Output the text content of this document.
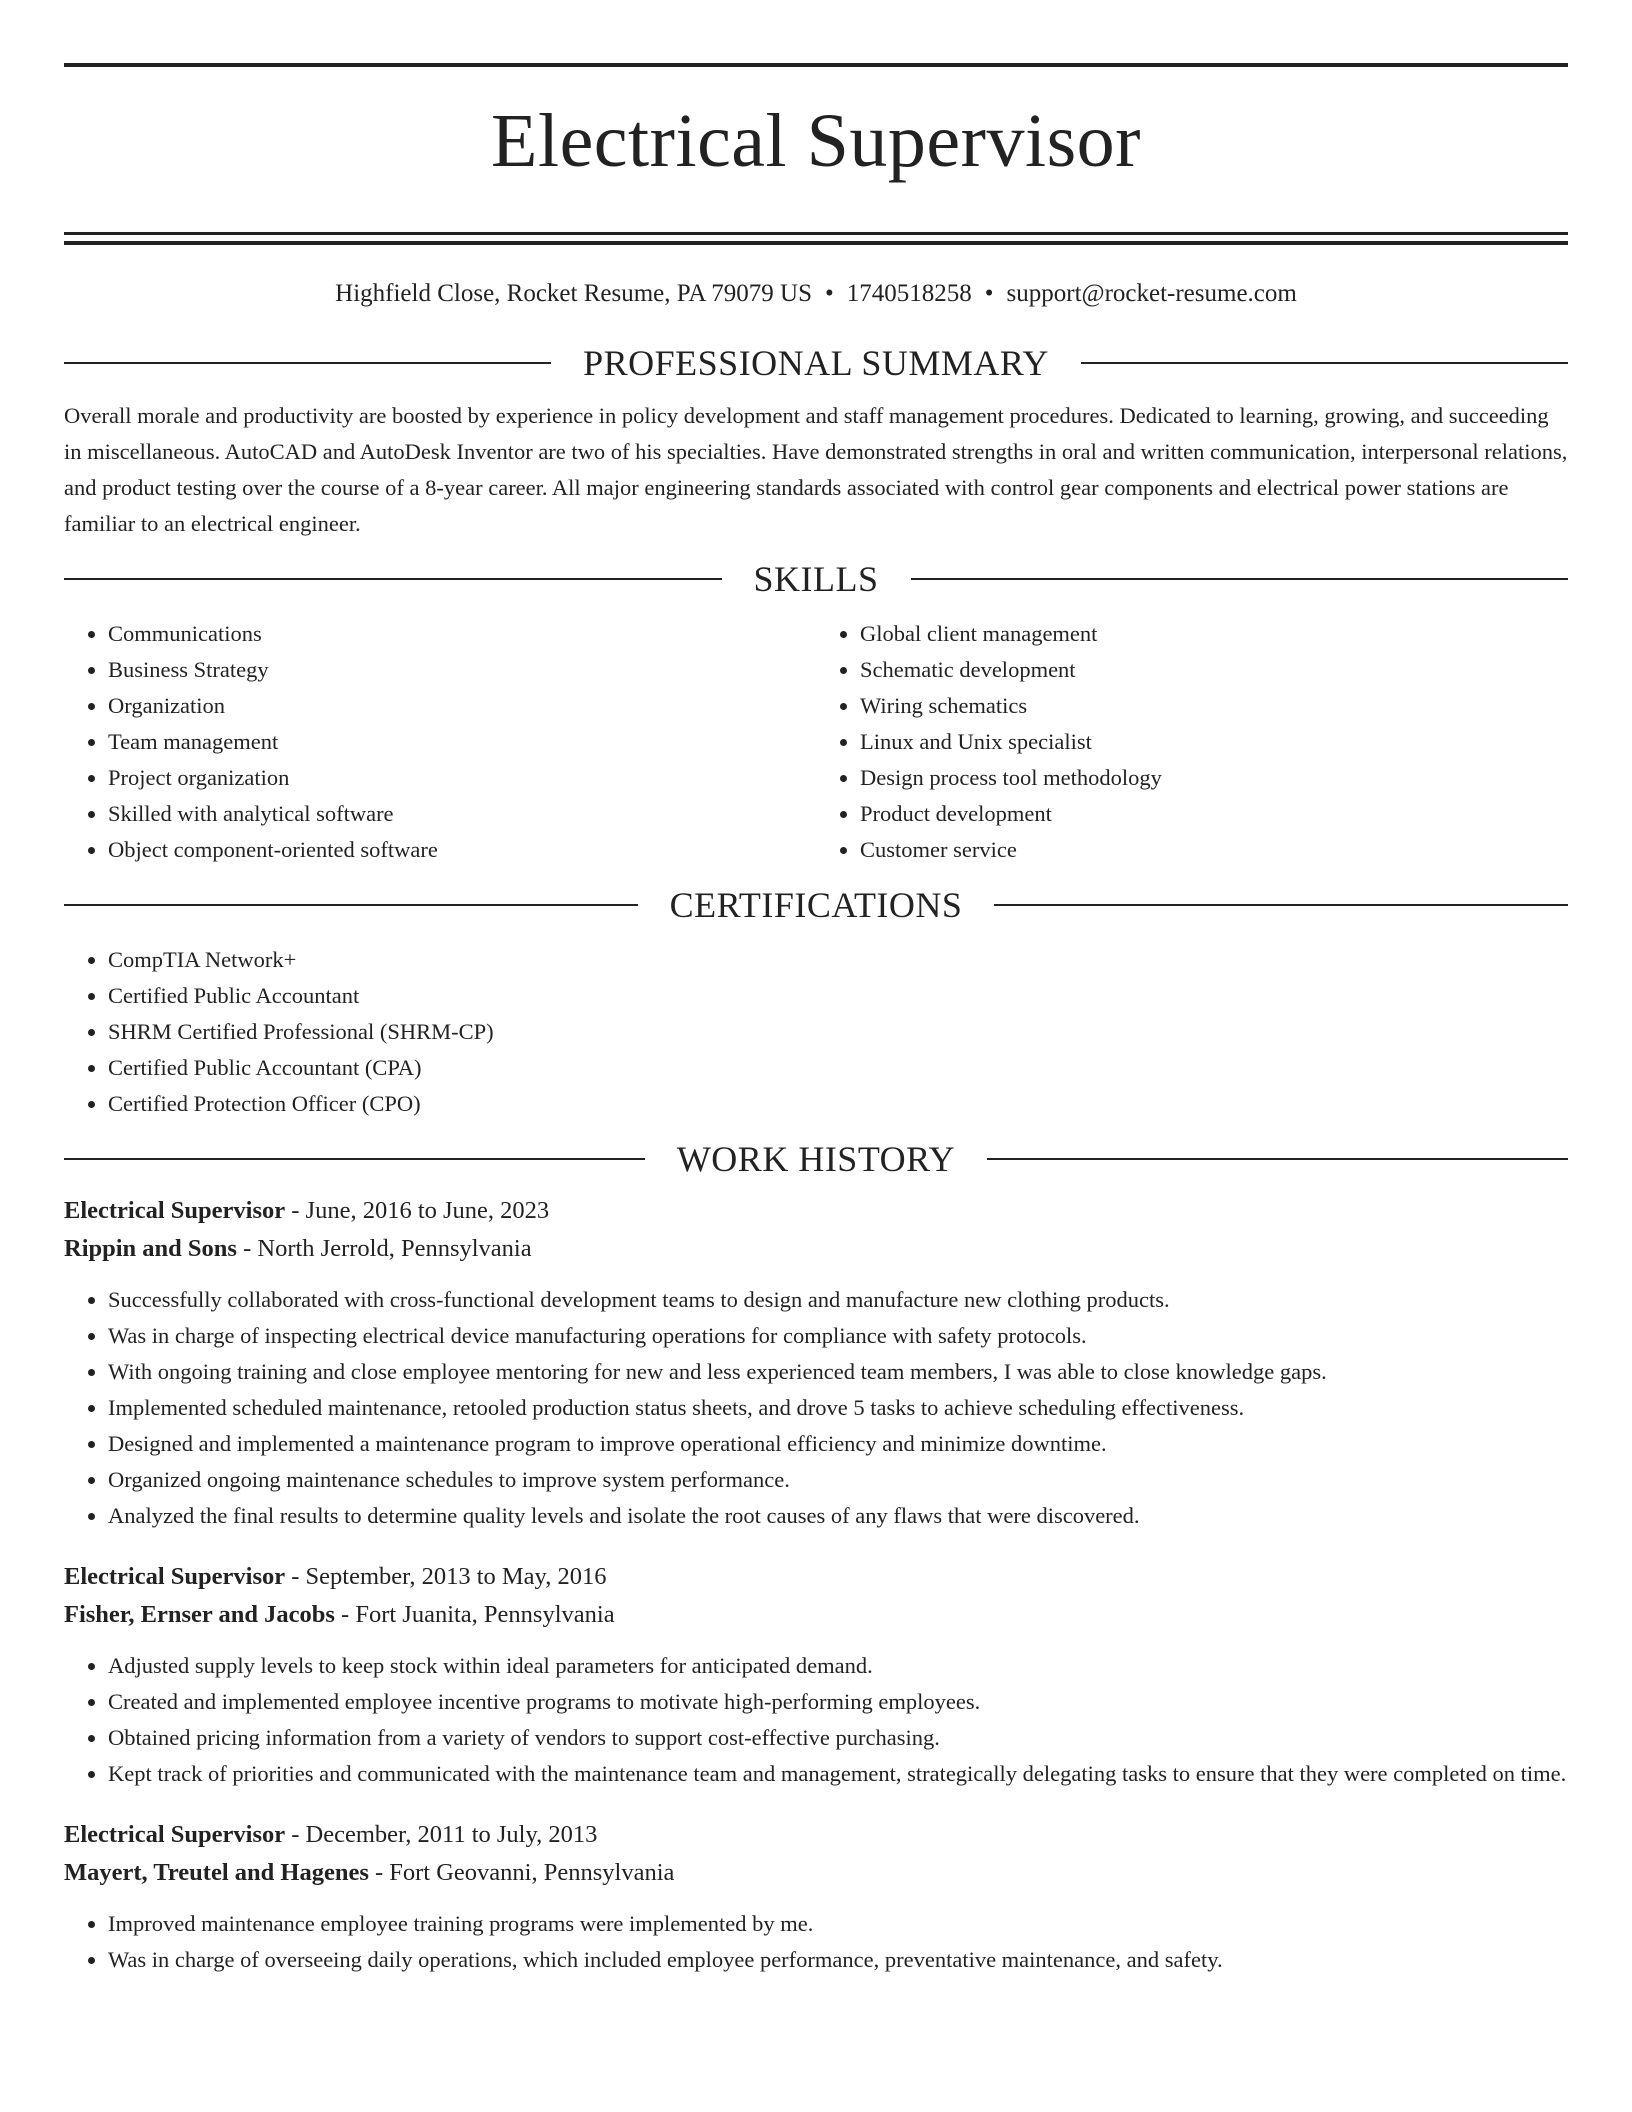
Electrical Supervisor
Highfield Close, Rocket Resume, PA 79079 US • 1740518258 • support@rocket-resume.com
PROFESSIONAL SUMMARY

Overall morale and productivity are boosted by experience in policy development and staff management procedures. Dedicated to learning, growing, and succeeding in miscellaneous. AutoCAD and AutoDesk Inventor are two of his specialties. Have demonstrated strengths in oral and written communication, interpersonal relations, and product testing over the course of a 8-year career. All major engineering standards associated with control gear components and electrical power stations are familiar to an electrical engineer.

SKILLS
• Communications
• Business Strategy
• Organization
• Team management
• Project organization
• Skilled with analytical software
• Object component-oriented software
• Global client management
• Schematic development
• Wiring schematics
• Linux and Unix specialist
• Design process tool methodology
• Product development
• Customer service
CERTIFICATIONS
• CompTIA Network+
• Certified Public Accountant
• SHRM Certified Professional (SHRM-CP)
• Certified Public Accountant (CPA)
• Certified Protection Officer (CPO)
WORK HISTORY
Electrical Supervisor - June, 2016 to June, 2023
Rippin and Sons - North Jerrold, Pennsylvania
• Successfully collaborated with cross-functional development teams to design and manufacture new clothing products.
• Was in charge of inspecting electrical device manufacturing operations for compliance with safety protocols.
• With ongoing training and close employee mentoring for new and less experienced team members, I was able to close knowledge gaps.
• Implemented scheduled maintenance, retooled production status sheets, and drove 5 tasks to achieve scheduling effectiveness.
• Designed and implemented a maintenance program to improve operational efficiency and minimize downtime.
• Organized ongoing maintenance schedules to improve system performance.
• Analyzed the final results to determine quality levels and isolate the root causes of any flaws that were discovered.
Electrical Supervisor - September, 2013 to May, 2016
Fisher, Ernser and Jacobs - Fort Juanita, Pennsylvania
• Adjusted supply levels to keep stock within ideal parameters for anticipated demand.
• Created and implemented employee incentive programs to motivate high-performing employees.
• Obtained pricing information from a variety of vendors to support cost-effective purchasing.
• Kept track of priorities and communicated with the maintenance team and management, strategically delegating tasks to ensure that they were completed on time.
Electrical Supervisor - December, 2011 to July, 2013
Mayert, Treutel and Hagenes - Fort Geovanni, Pennsylvania
• Improved maintenance employee training programs were implemented by me.
• Was in charge of overseeing daily operations, which included employee performance, preventative maintenance, and safety.
